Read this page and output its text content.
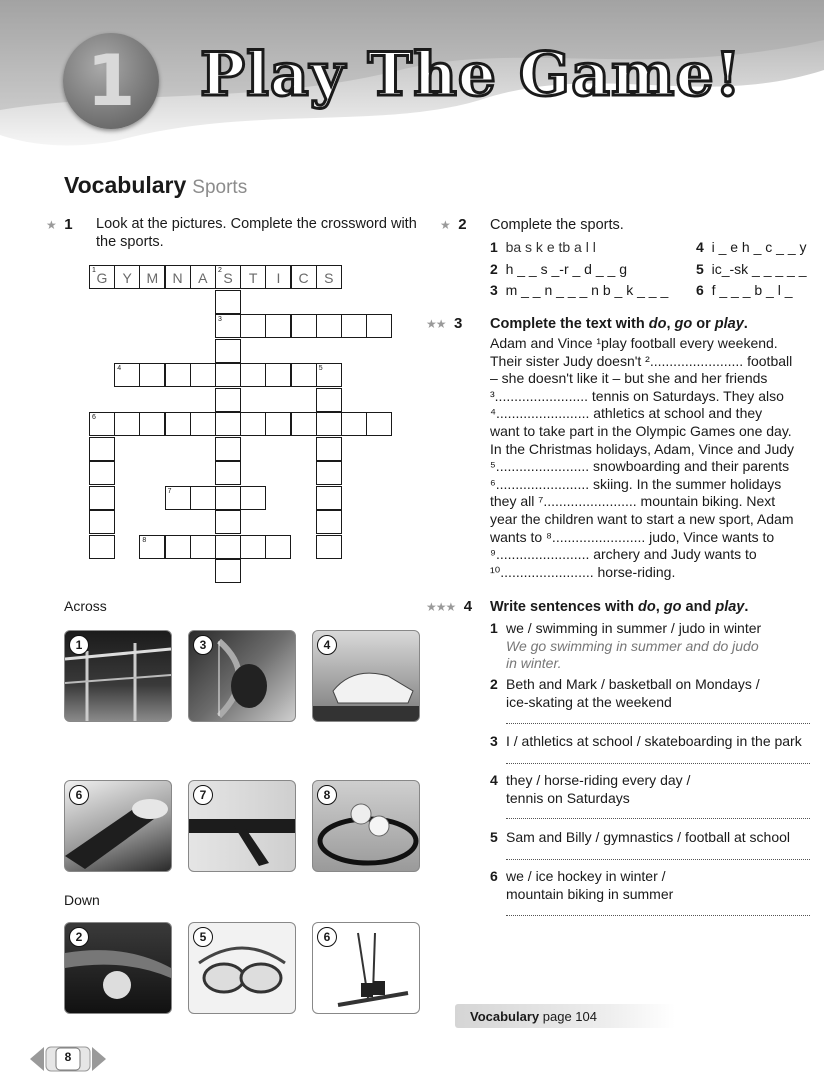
1 Play The Game!
Vocabulary Sports
★ 1 Look at the pictures. Complete the crossword with the sports.
1 G	Y	M	N	A	2 S	T	I	C	S
3
4	5
6
7
8
★ 2 Complete the sports.
1 ba s k e tb a l l	4 i _ e h _ c _ _ y
2 h _ _ s _-r _ d _ _ g	5 ic_-sk _ _ _ _ _
3 m _ _ n _ _ _ n b _ k _ _ _ 6 f _ _ _ b _ l _
★★ 3 Complete the text with do, go or play.
Adam and Vince ¹play football every weekend.
Their sister Judy doesn't ²........................ football
– she doesn't like it – but she and her friends
³........................ tennis on Saturdays. They also
⁴........................ athletics at school and they
want to take part in the Olympic Games one day.
In the Christmas holidays, Adam, Vince and Judy
⁵........................ snowboarding and their parents
⁶........................ skiing. In the summer holidays
they all ⁷........................ mountain biking. Next
year the children want to start a new sport, Adam
wants to ⁸........................ judo, Vince wants to
⁹........................ archery and Judy wants to
¹⁰........................ horse-riding.
Across
Down
1	3	4
6	7	8
2	5	6
★★★ 4 Write sentences with do, go and play.
1 we / swimming in summer / judo in winter
We go swimming in summer and do judo
in winter.
2 Beth and Mark / basketball on Mondays /
ice-skating at the weekend
3 I / athletics at school / skateboarding in the park
4 they / horse-riding every day /
tennis on Saturdays
5 Sam and Billy / gymnastics / football at school
6 we / ice hockey in winter /
mountain biking in summer
Vocabulary page 104
8
